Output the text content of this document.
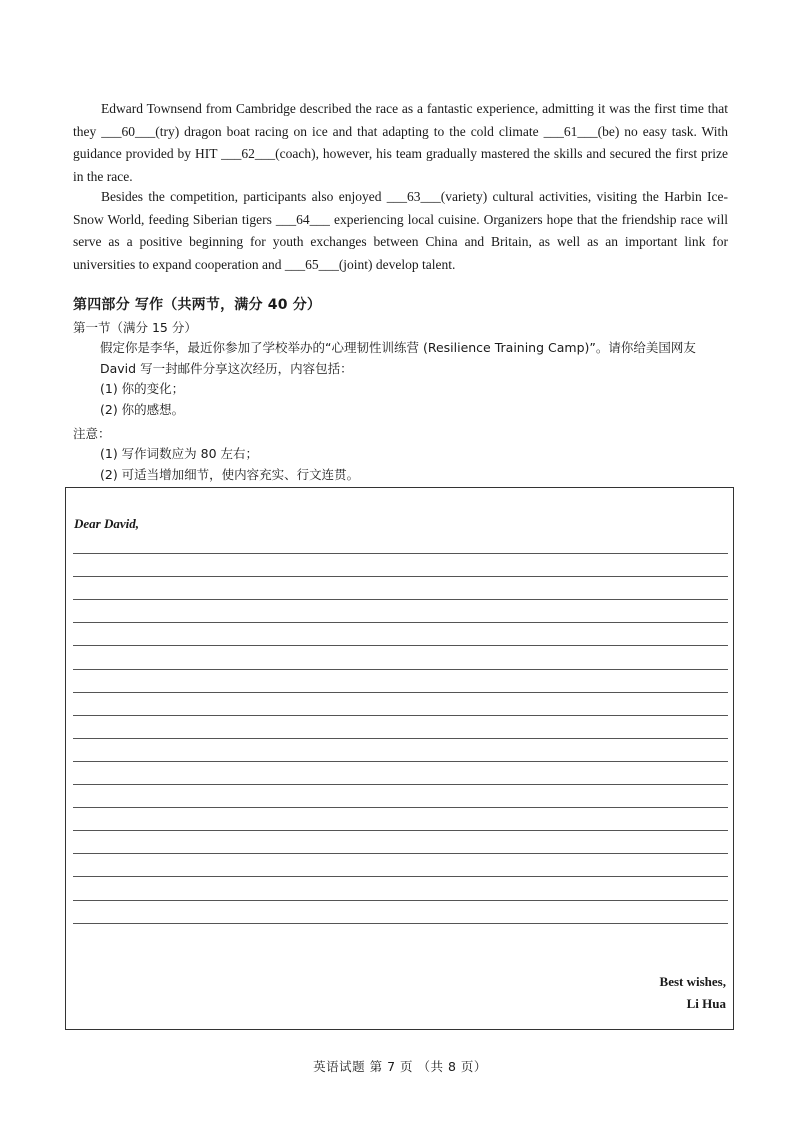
Edward Townsend from Cambridge described the race as a fantastic experience, admitting it was the first time that they ___60___(try) dragon boat racing on ice and that adapting to the cold climate ___61___(be) no easy task. With guidance provided by HIT ___62___(coach), however, his team gradually mastered the skills and secured the first prize in the race.

Besides the competition, participants also enjoyed ___63___(variety) cultural activities, visiting the Harbin Ice-Snow World, feeding Siberian tigers ___64___ experiencing local cuisine. Organizers hope that the friendship race will serve as a positive beginning for youth exchanges between China and Britain, as well as an important link for universities to expand cooperation and ___65___(joint) develop talent.

第四部分 写作（共两节，满分 40 分）
第一节（满分 15 分）
假定你是李华，最近你参加了学校举办的“心理韧性训练营 (Resilience Training Camp)”。请你给美国网友 David 写一封邮件分享这次经历，内容包括：
(1) 你的变化；
(2) 你的感想。
注意：
(1) 写作词数应为 80 左右；
(2) 可适当增加细节，使内容充实、行文连贯。
Dear David,
Best wishes,
Li Hua
英语试题 第 7 页 （共 8 页）
